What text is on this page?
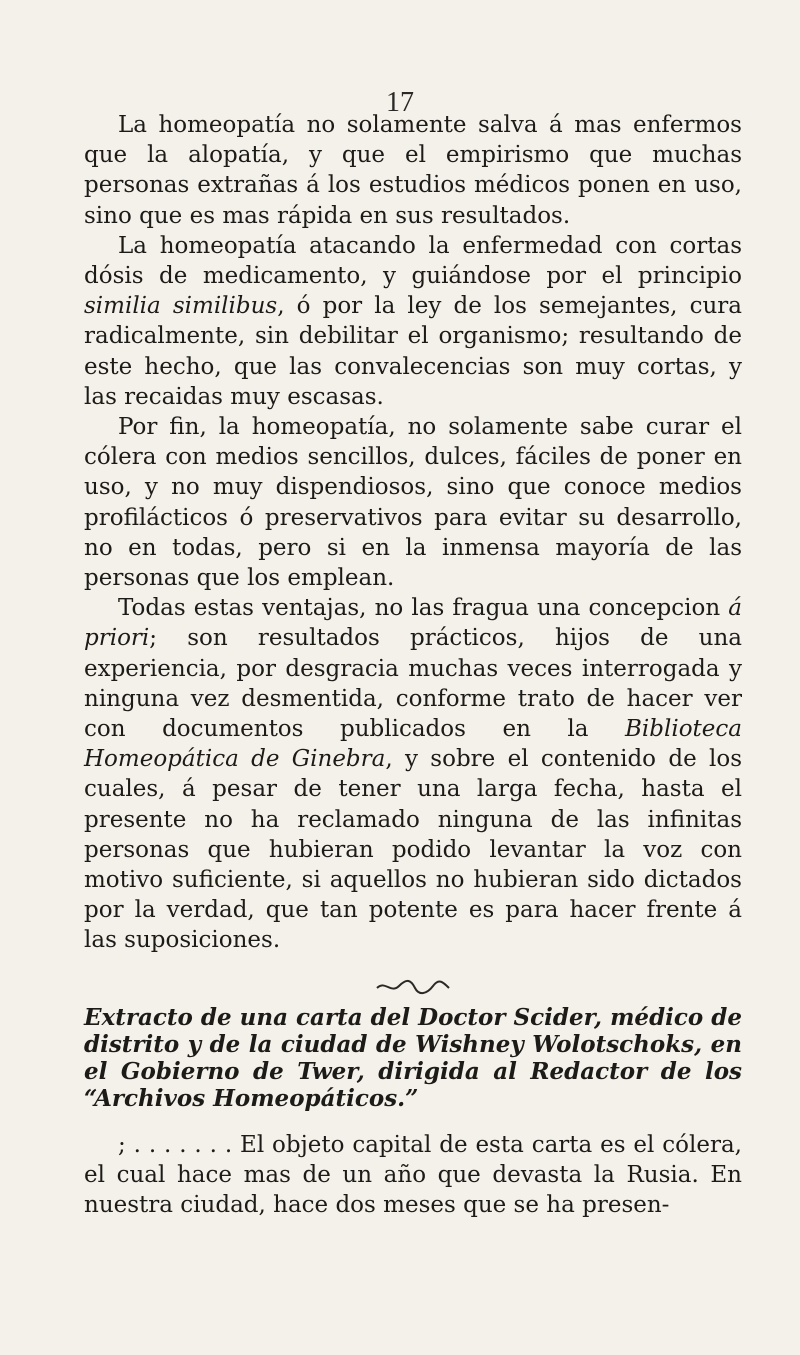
17

La homeopatía no solamente salva á mas enfermos que la alopatía, y que el empirismo que muchas personas extrañas á los estudios médicos ponen en uso, sino que es mas rápida en sus resultados.

La homeopatía atacando la enfermedad con cortas dósis de medicamento, y guiándose por el principio similia similibus, ó por la ley de los semejantes, cura radicalmente, sin debilitar el organismo; resultando de este hecho, que las convalecencias son muy cortas, y las recaidas muy escasas.

Por fin, la homeopatía, no solamente sabe curar el cólera con medios sencillos, dulces, fáciles de poner en uso, y no muy dispendiosos, sino que conoce medios profilácticos ó preservativos para evitar su desarrollo, no en todas, pero si en la inmensa mayoría de las personas que los emplean.

Todas estas ventajas, no las fragua una concepcion á priori; son resultados prácticos, hijos de una experiencia, por desgracia muchas veces interrogada y ninguna vez desmentida, conforme trato de hacer ver con documentos publicados en la Biblioteca Homeopática de Ginebra, y sobre el contenido de los cuales, á pesar de tener una larga fecha, hasta el presente no ha reclamado ninguna de las infinitas personas que hubieran podido levantar la voz con motivo suficiente, si aquellos no hubieran sido dictados por la verdad, que tan potente es para hacer frente á las suposiciones.

Extracto de una carta del Doctor Scider, médico de distrito y de la ciudad de Wishney Wolotschoks, en el Gobierno de Twer, dirigida al Redactor de los “Archivos Homeopáticos.”

; . . . . . . . El objeto capital de esta carta es el cólera, el cual hace mas de un año que devasta la Rusia. En nuestra ciudad, hace dos meses que se ha presen-
